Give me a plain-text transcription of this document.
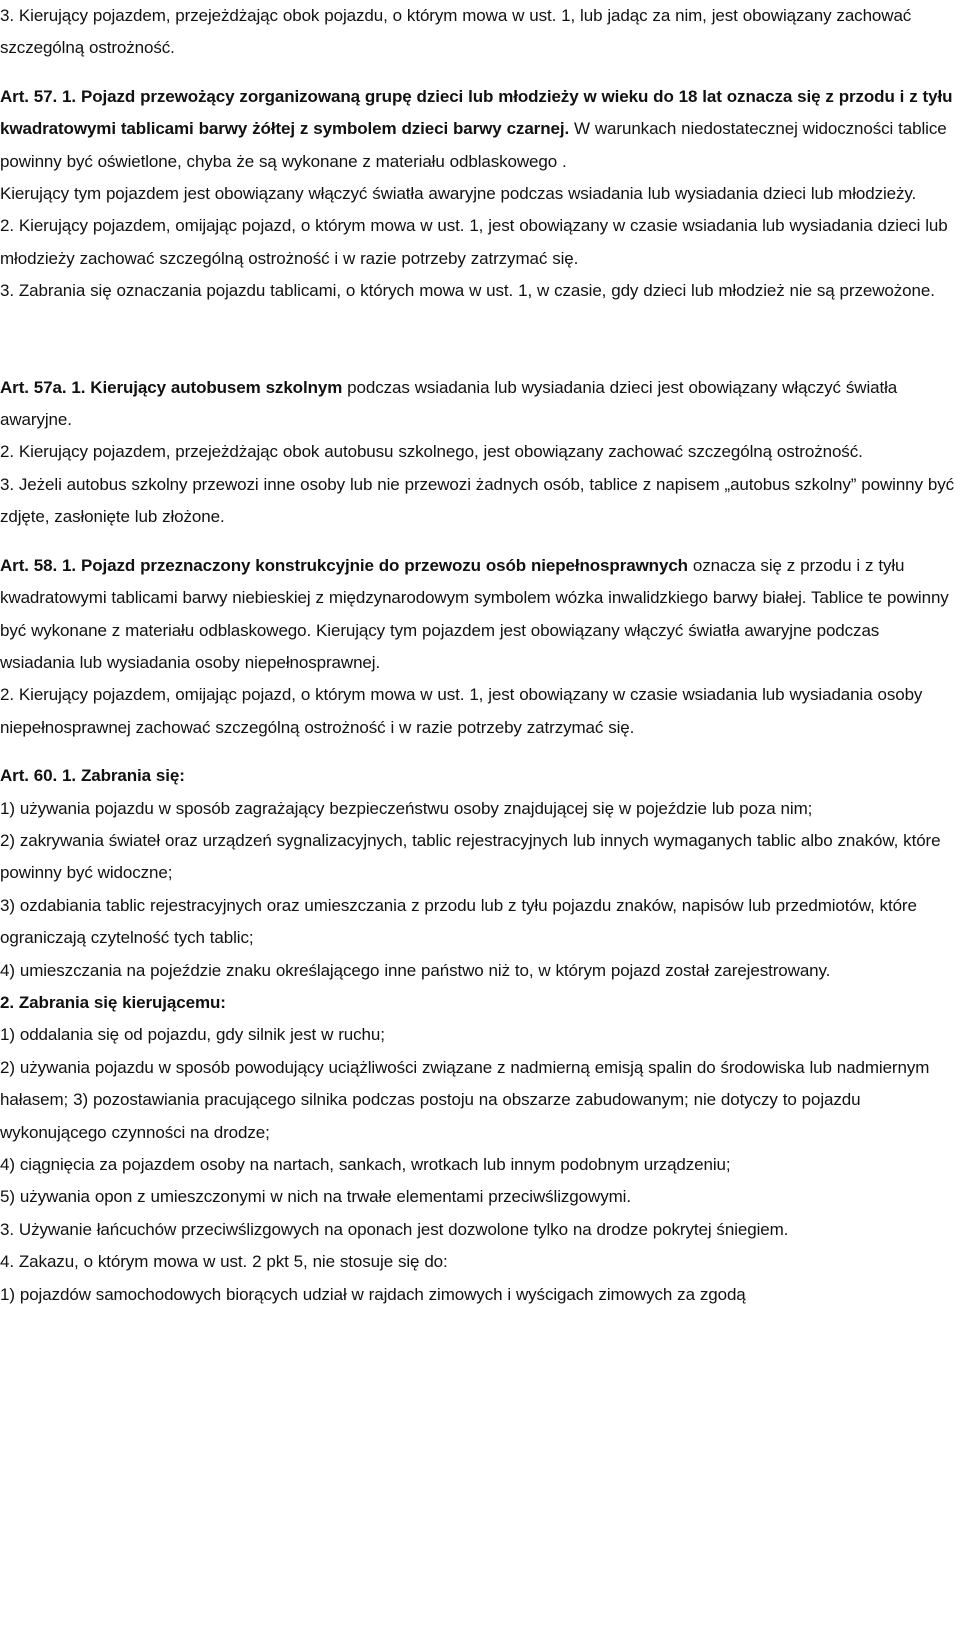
3. Kierujący pojazdem, przejeżdżając obok pojazdu, o którym mowa w ust. 1, lub jadąc za nim, jest obowiązany zachować szczególną ostrożność.

Art. 57. 1. Pojazd przewożący zorganizowaną grupę dzieci lub młodzieży w wieku do 18 lat oznacza się z przodu i z tyłu kwadratowymi tablicami barwy żółtej z symbolem dzieci barwy czarnej. W warunkach niedostatecznej widoczności tablice powinny być oświetlone, chyba że są wykonane z materiału odblaskowego .

Kierujący tym pojazdem jest obowiązany włączyć światła awaryjne podczas wsiadania lub wysiadania dzieci lub młodzieży.

2. Kierujący pojazdem, omijając pojazd, o którym mowa w ust. 1, jest obowiązany w czasie wsiadania lub wysiadania dzieci lub młodzieży zachować szczególną ostrożność i w razie potrzeby zatrzymać się.

3. Zabrania się oznaczania pojazdu tablicami, o których mowa w ust. 1, w czasie, gdy dzieci lub młodzież nie są przewożone.

Art. 57a. 1. Kierujący autobusem szkolnym podczas wsiadania lub wysiadania dzieci jest obowiązany włączyć światła awaryjne.

2. Kierujący pojazdem, przejeżdżając obok autobusu szkolnego, jest obowiązany zachować szczególną ostrożność.

3. Jeżeli autobus szkolny przewozi inne osoby lub nie przewozi żadnych osób, tablice z napisem „autobus szkolny” powinny być zdjęte, zasłonięte lub złożone.

Art. 58. 1. Pojazd przeznaczony konstrukcyjnie do przewozu osób niepełnosprawnych oznacza się z przodu i z tyłu kwadratowymi tablicami barwy niebieskiej z międzynarodowym symbolem wózka inwalidzkiego barwy białej. Tablice te powinny być wykonane z materiału odblaskowego. Kierujący tym pojazdem jest obowiązany włączyć światła awaryjne podczas wsiadania lub wysiadania osoby niepełnosprawnej.

2. Kierujący pojazdem, omijając pojazd, o którym mowa w ust. 1, jest obowiązany w czasie wsiadania lub wysiadania osoby niepełnosprawnej zachować szczególną ostrożność i w razie potrzeby zatrzymać się.

Art. 60. 1. Zabrania się:

1) używania pojazdu w sposób zagrażający bezpieczeństwu osoby znajdującej się w pojeździe lub poza nim;

2) zakrywania świateł oraz urządzeń sygnalizacyjnych, tablic rejestracyjnych lub innych wymaganych tablic albo znaków, które powinny być widoczne;

3) ozdabiania tablic rejestracyjnych oraz umieszczania z przodu lub z tyłu pojazdu znaków, napisów lub przedmiotów, które ograniczają czytelność tych tablic;

4) umieszczania na pojeździe znaku określającego inne państwo niż to, w którym pojazd został zarejestrowany.

2. Zabrania się kierującemu:

1) oddalania się od pojazdu, gdy silnik jest w ruchu;

2) używania pojazdu w sposób powodujący uciążliwości związane z nadmierną emisją spalin do środowiska lub nadmiernym hałasem; 3) pozostawiania pracującego silnika podczas postoju na obszarze zabudowanym; nie dotyczy to pojazdu wykonującego czynności na drodze;

4) ciągnięcia za pojazdem osoby na nartach, sankach, wrotkach lub innym podobnym urządzeniu;

5) używania opon z umieszczonymi w nich na trwałe elementami przeciwślizgowymi.

3. Używanie łańcuchów przeciwślizgowych na oponach jest dozwolone tylko na drodze pokrytej śniegiem.

4. Zakazu, o którym mowa w ust. 2 pkt 5, nie stosuje się do:

1) pojazdów samochodowych biorących udział w rajdach zimowych i wyścigach zimowych za zgodą
